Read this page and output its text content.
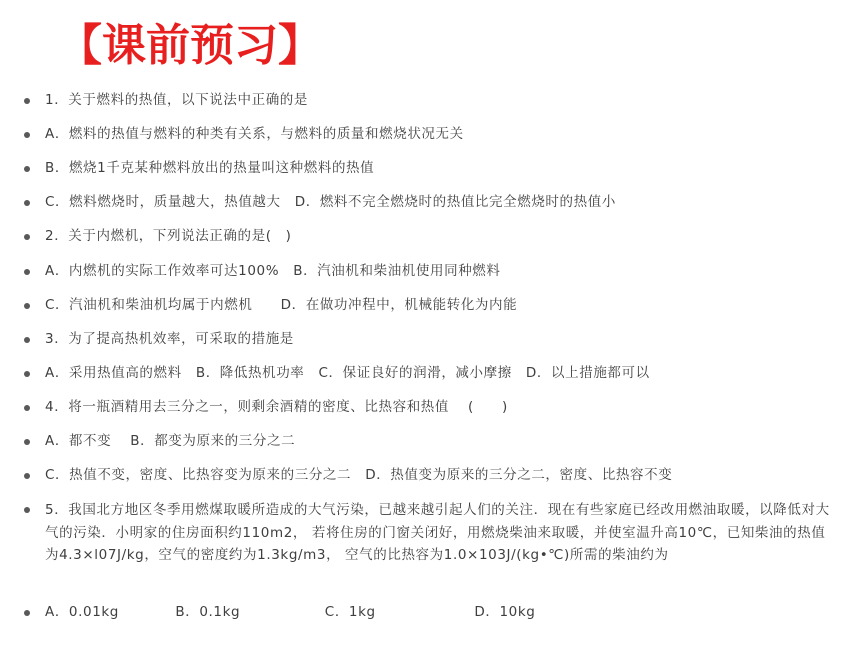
【课前预习】
1．关于燃料的热值，以下说法中正确的是
A．燃料的热值与燃料的种类有关系，与燃料的质量和燃烧状况无关
B．燃烧1千克某种燃料放出的热量叫这种燃料的热值
C．燃料燃烧时，质量越大，热值越大　D．燃料不完全燃烧时的热值比完全燃烧时的热值小
2．关于内燃机，下列说法正确的是(　)
A．内燃机的实际工作效率可达100%　B．汽油机和柴油机使用同种燃料
C．汽油机和柴油机均属于内燃机　　D．在做功冲程中，机械能转化为内能
3．为了提高热机效率，可采取的措施是
A．采用热值高的燃料　B．降低热机功率　C．保证良好的润滑，减小摩擦　D．以上措施都可以
4．将一瓶酒精用去三分之一，则剩余酒精的密度、比热容和热值　 (　　)
A．都不变　 B．都变为原来的三分之二
C．热值不变，密度、比热容变为原来的三分之二　D．热值变为原来的三分之二，密度、比热容不变
5．我国北方地区冬季用燃煤取暖所造成的大气污染，已越来越引起人们的关注．现在有些家庭已经改用燃油取暖，以降低对大气的污染．小明家的住房面积约110m2， 若将住房的门窗关闭好，用燃烧柴油来取暖，并使室温升高10℃，已知柴油的热值为4.3×l07J/kg，空气的密度约为1.3kg/m3， 空气的比热容为1.0×103J/(kg•℃)所需的柴油约为
A．0.01kg　　　　B．0.1kg　　　　　　C．1kg　　　　　　　D．10kg
